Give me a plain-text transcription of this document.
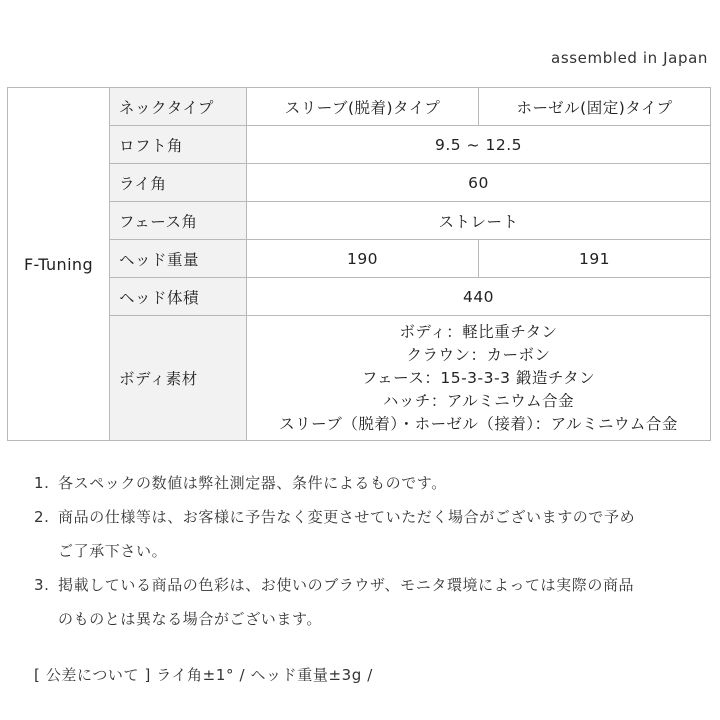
assembled in Japan
F-Tuning	ネックタイプ	スリーブ(脱着)タイプ	ホーゼル(固定)タイプ
	ロフト角	9.5 ~ 12.5	
	ライ角	60	
	フェース角	ストレート	
	ヘッド重量	190	191
	ヘッド体積	440	
	ボディ素材	ボディ：軽比重チタン
クラウン：カーボン
フェース：15-3-3-3 鍛造チタン
ハッチ：アルミニウム合金
スリーブ（脱着）・ホーゼル（接着）：アルミニウム合金	
1. 各スペックの数値は弊社測定器、条件によるものです。
2. 商品の仕様等は、お客様に予告なく変更させていただく場合がございますので予め
ご了承下さい。
3. 掲載している商品の色彩は、お使いのブラウザ、モニタ環境によっては実際の商品
のものとは異なる場合がございます。
[ 公差について ] ライ角±1° / ヘッド重量±3g /
